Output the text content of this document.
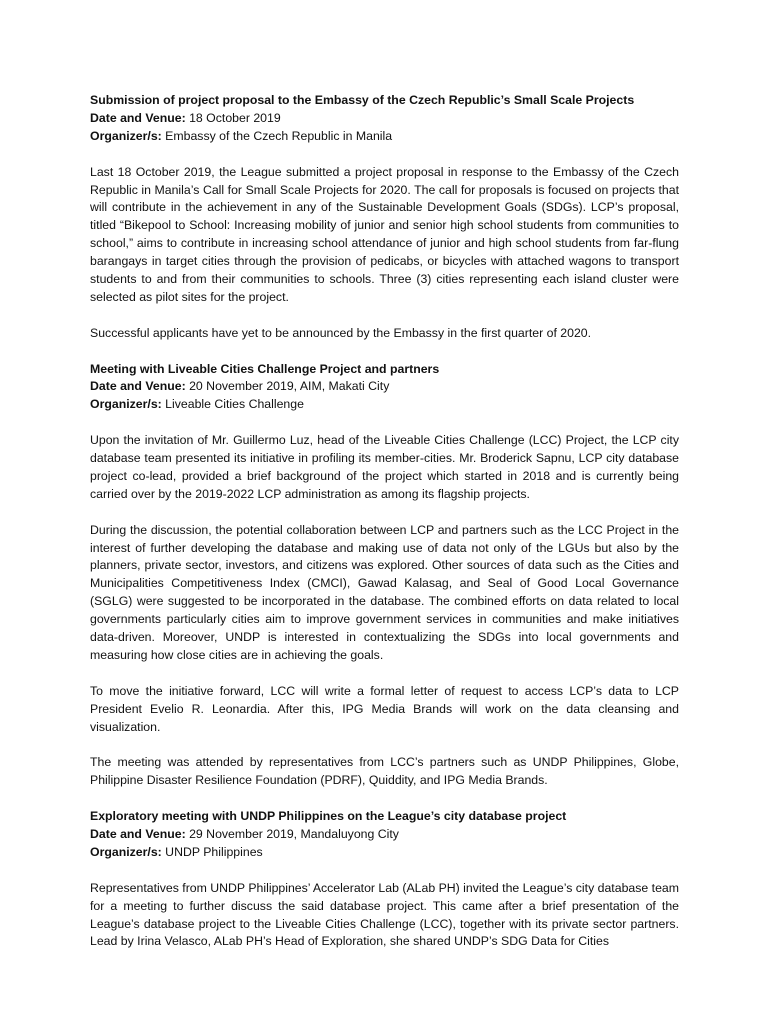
Submission of project proposal to the Embassy of the Czech Republic’s Small Scale Projects
Date and Venue: 18 October 2019
Organizer/s: Embassy of the Czech Republic in Manila

Last 18 October 2019, the League submitted a project proposal in response to the Embassy of the Czech Republic in Manila’s Call for Small Scale Projects for 2020. The call for proposals is focused on projects that will contribute in the achievement in any of the Sustainable Development Goals (SDGs). LCP’s proposal, titled “Bikepool to School: Increasing mobility of junior and senior high school students from communities to school,” aims to contribute in increasing school attendance of junior and high school students from far-flung barangays in target cities through the provision of pedicabs, or bicycles with attached wagons to transport students to and from their communities to schools. Three (3) cities representing each island cluster were selected as pilot sites for the project.

Successful applicants have yet to be announced by the Embassy in the first quarter of 2020.

Meeting with Liveable Cities Challenge Project and partners
Date and Venue: 20 November 2019, AIM, Makati City
Organizer/s: Liveable Cities Challenge

Upon the invitation of Mr. Guillermo Luz, head of the Liveable Cities Challenge (LCC) Project, the LCP city database team presented its initiative in profiling its member-cities. Mr. Broderick Sapnu, LCP city database project co-lead, provided a brief background of the project which started in 2018 and is currently being carried over by the 2019-2022 LCP administration as among its flagship projects.

During the discussion, the potential collaboration between LCP and partners such as the LCC Project in the interest of further developing the database and making use of data not only of the LGUs but also by the planners, private sector, investors, and citizens was explored. Other sources of data such as the Cities and Municipalities Competitiveness Index (CMCI), Gawad Kalasag, and Seal of Good Local Governance (SGLG) were suggested to be incorporated in the database. The combined efforts on data related to local governments particularly cities aim to improve government services in communities and make initiatives data-driven. Moreover, UNDP is interested in contextualizing the SDGs into local governments and measuring how close cities are in achieving the goals.

To move the initiative forward, LCC will write a formal letter of request to access LCP’s data to LCP President Evelio R. Leonardia. After this, IPG Media Brands will work on the data cleansing and visualization.

The meeting was attended by representatives from LCC’s partners such as UNDP Philippines, Globe, Philippine Disaster Resilience Foundation (PDRF), Quiddity, and IPG Media Brands.

Exploratory meeting with UNDP Philippines on the League’s city database project
Date and Venue: 29 November 2019, Mandaluyong City
Organizer/s: UNDP Philippines

Representatives from UNDP Philippines’ Accelerator Lab (ALab PH) invited the League’s city database team for a meeting to further discuss the said database project. This came after a brief presentation of the League’s database project to the Liveable Cities Challenge (LCC), together with its private sector partners. Lead by Irina Velasco, ALab PH’s Head of Exploration, she shared UNDP’s SDG Data for Cities
